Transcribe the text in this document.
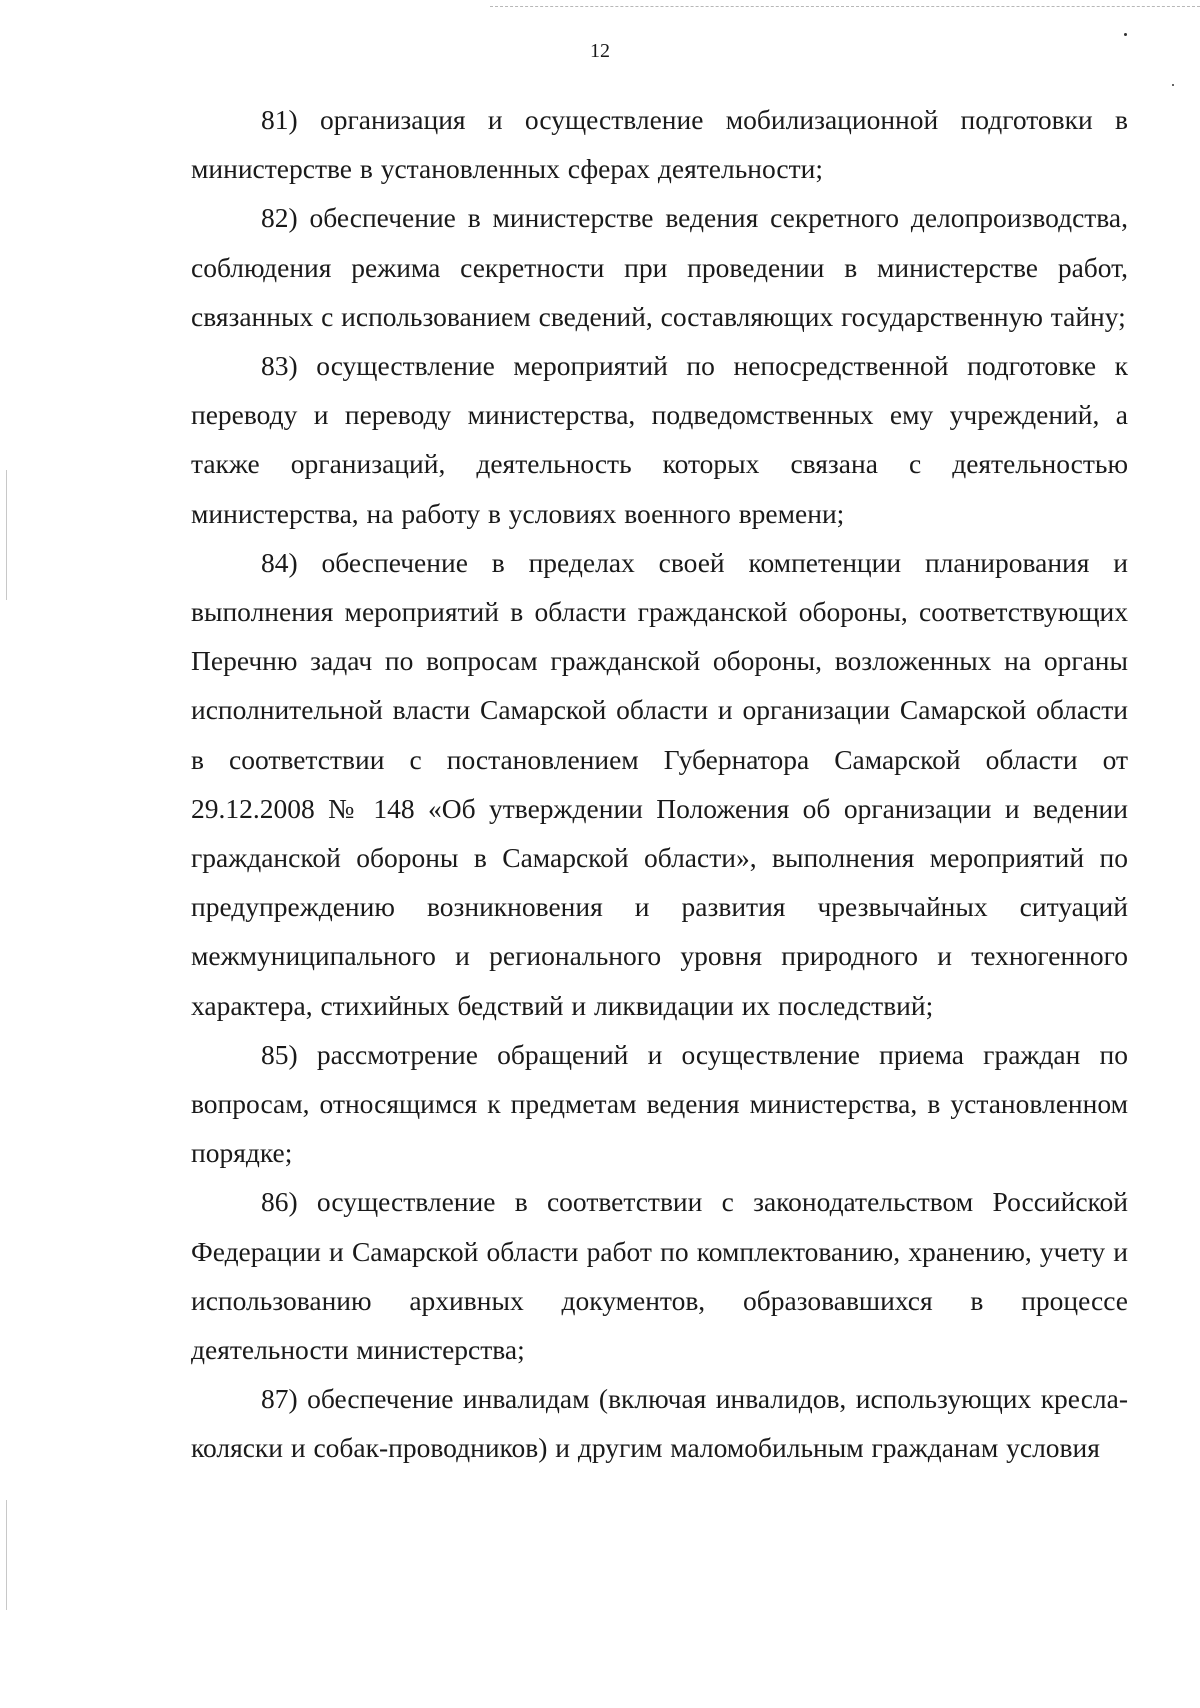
12

81) организация и осуществление мобилизационной подготовки в министерстве в установленных сферах деятельности;

82) обеспечение в министерстве ведения секретного делопроизводства, соблюдения режима секретности при проведении в министерстве работ, связанных с использованием сведений, составляющих государственную тайну;

83) осуществление мероприятий по непосредственной подготовке к переводу и переводу министерства, подведомственных ему учреждений, а также организаций, деятельность которых связана с деятельностью министерства, на работу в условиях военного времени;

84) обеспечение в пределах своей компетенции планирования и выполнения мероприятий в области гражданской обороны, соответствующих Перечню задач по вопросам гражданской обороны, возложенных на органы исполнительной власти Самарской области и организации Самарской области в соответствии с постановлением Губернатора Самарской области от 29.12.2008 № 148 «Об утверждении Положения об организации и ведении гражданской обороны в Самарской области», выполнения мероприятий по предупреждению возникновения и развития чрезвычайных ситуаций межмуниципального и регионального уровня природного и техногенного характера, стихийных бедствий и ликвидации их последствий;

85) рассмотрение обращений и осуществление приема граждан по вопросам, относящимся к предметам ведения министерства, в установленном порядке;

86) осуществление в соответствии с законодательством Российской Федерации и Самарской области работ по комплектованию, хранению, учету и использованию архивных документов, образовавшихся в процессе деятельности министерства;

87) обеспечение инвалидам (включая инвалидов, использующих кресла-коляски и собак-проводников) и другим маломобильным гражданам условия
